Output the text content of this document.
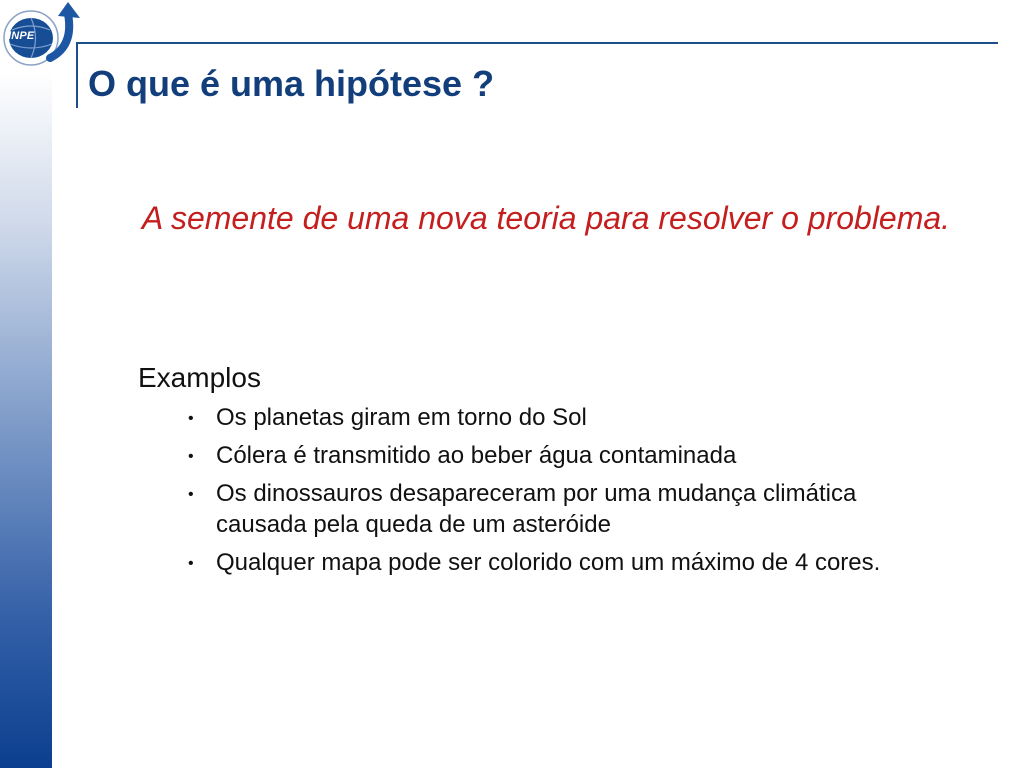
INPE
O que é uma hipótese ?

A semente de uma nova teoria para resolver o problema.

Examplos

• Os planetas giram em torno do Sol
• Cólera é transmitido ao beber água contaminada
• Os dinossauros desapareceram por uma mudança climática causada pela queda de um asteróide
• Qualquer mapa pode ser colorido com um máximo de 4 cores.
